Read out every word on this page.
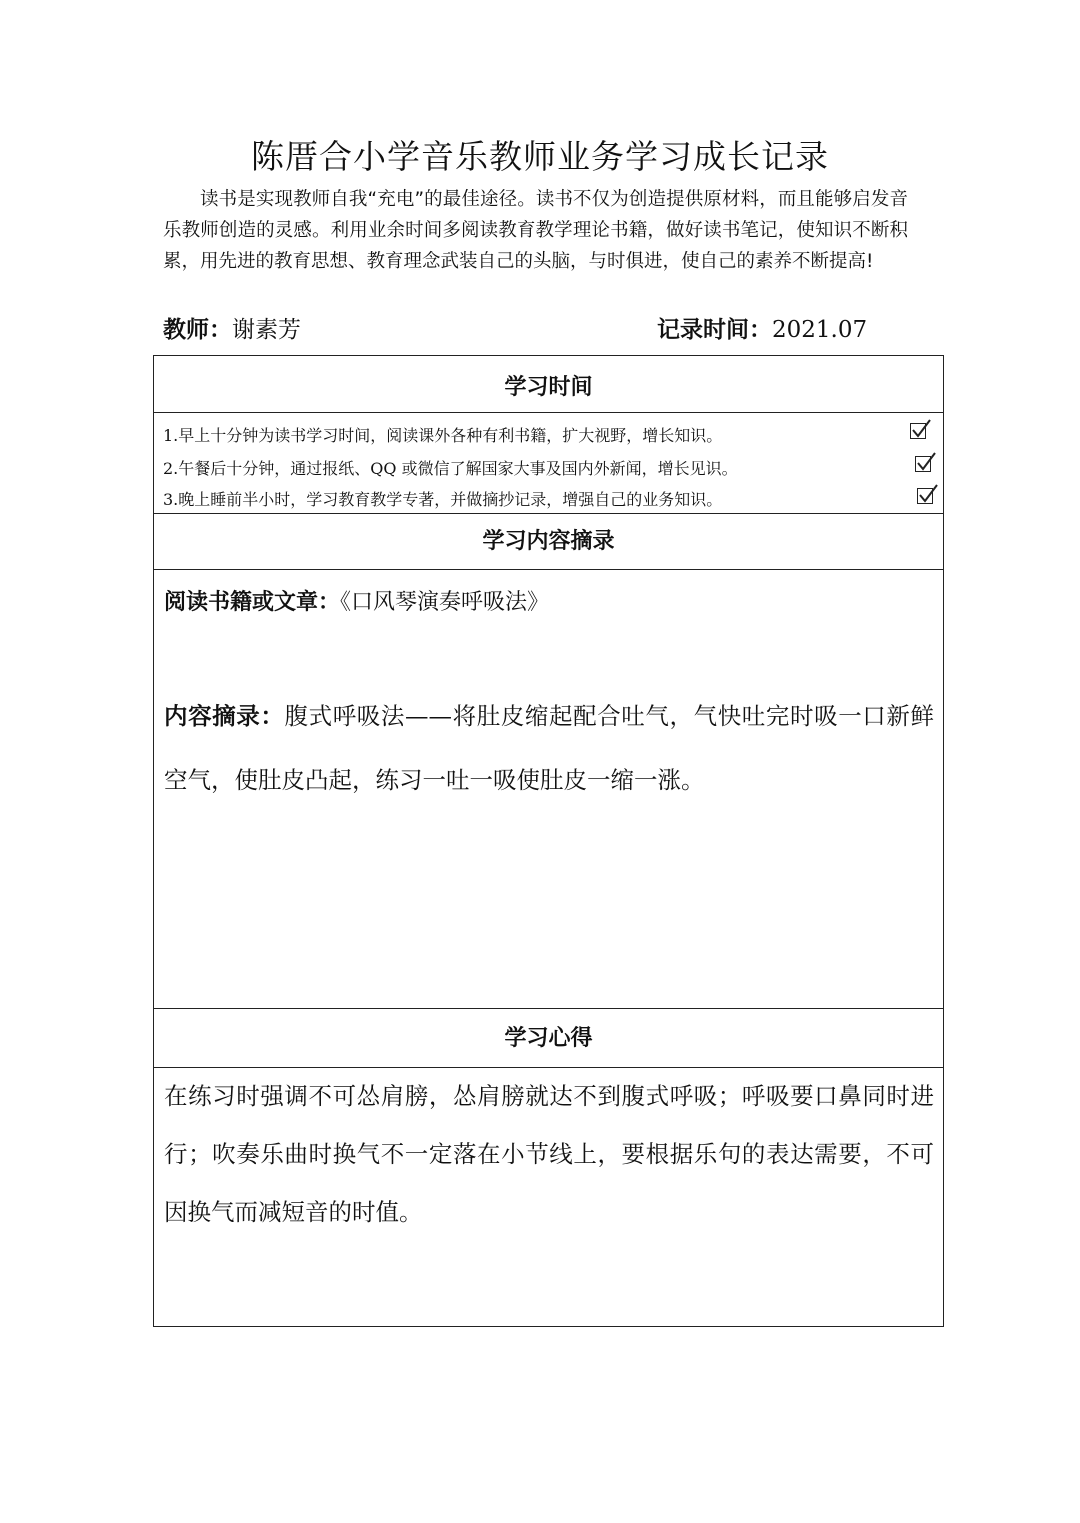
陈厝合小学音乐教师业务学习成长记录
读书是实现教师自我“充电”的最佳途径。读书不仅为创造提供原材料，而且能够启发音乐教师创造的灵感。利用业余时间多阅读教育教学理论书籍，做好读书笔记，使知识不断积累，用先进的教育思想、教育理念武装自己的头脑，与时俱进，使自己的素养不断提高!
教师：谢素芳	记录时间：2021.07
学习时间
1.早上十分钟为读书学习时间，阅读课外各种有利书籍，扩大视野，增长知识。
2.午餐后十分钟，通过报纸、QQ 或微信了解国家大事及国内外新闻，增长见识。
3.晚上睡前半小时，学习教育教学专著，并做摘抄记录，增强自己的业务知识。
学习内容摘录
阅读书籍或文章：《口风琴演奏呼吸法》
内容摘录：腹式呼吸法——将肚皮缩起配合吐气，气快吐完时吸一口新鲜空气，使肚皮凸起，练习一吐一吸使肚皮一缩一涨。
学习心得
在练习时强调不可怂肩膀，怂肩膀就达不到腹式呼吸；呼吸要口鼻同时进行；吹奏乐曲时换气不一定落在小节线上，要根据乐句的表达需要，不可因换气而减短音的时值。
